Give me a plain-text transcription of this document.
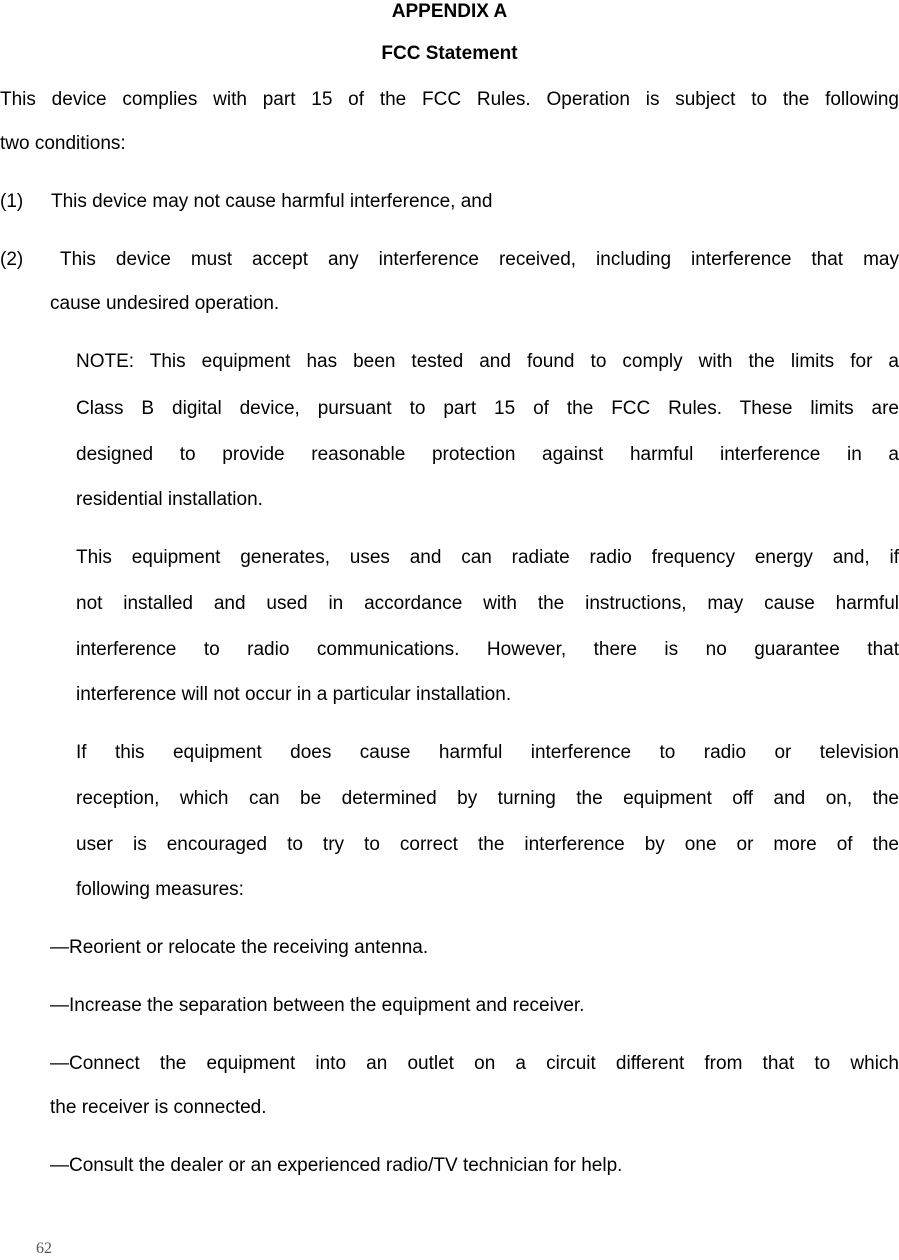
APPENDIX A
FCC Statement
This device complies with part 15 of the FCC Rules. Operation is subject to the following
two conditions:
(1) This device may not cause harmful interference, and
(2) This device must accept any interference received, including interference that may
cause undesired operation.
NOTE: This equipment has been tested and found to comply with the limits for a
Class B digital device, pursuant to part 15 of the FCC Rules. These limits are
designed to provide reasonable protection against harmful interference in a
residential installation.
This equipment generates, uses and can radiate radio frequency energy and, if
not installed and used in accordance with the instructions, may cause harmful
interference to radio communications. However, there is no guarantee that
interference will not occur in a particular installation.
If this equipment does cause harmful interference to radio or television
reception, which can be determined by turning the equipment off and on, the
user is encouraged to try to correct the interference by one or more of the
following measures:
—Reorient or relocate the receiving antenna.
—Increase the separation between the equipment and receiver.
—Connect the equipment into an outlet on a circuit different from that to which
the receiver is connected.
—Consult the dealer or an experienced radio/TV technician for help.
62
